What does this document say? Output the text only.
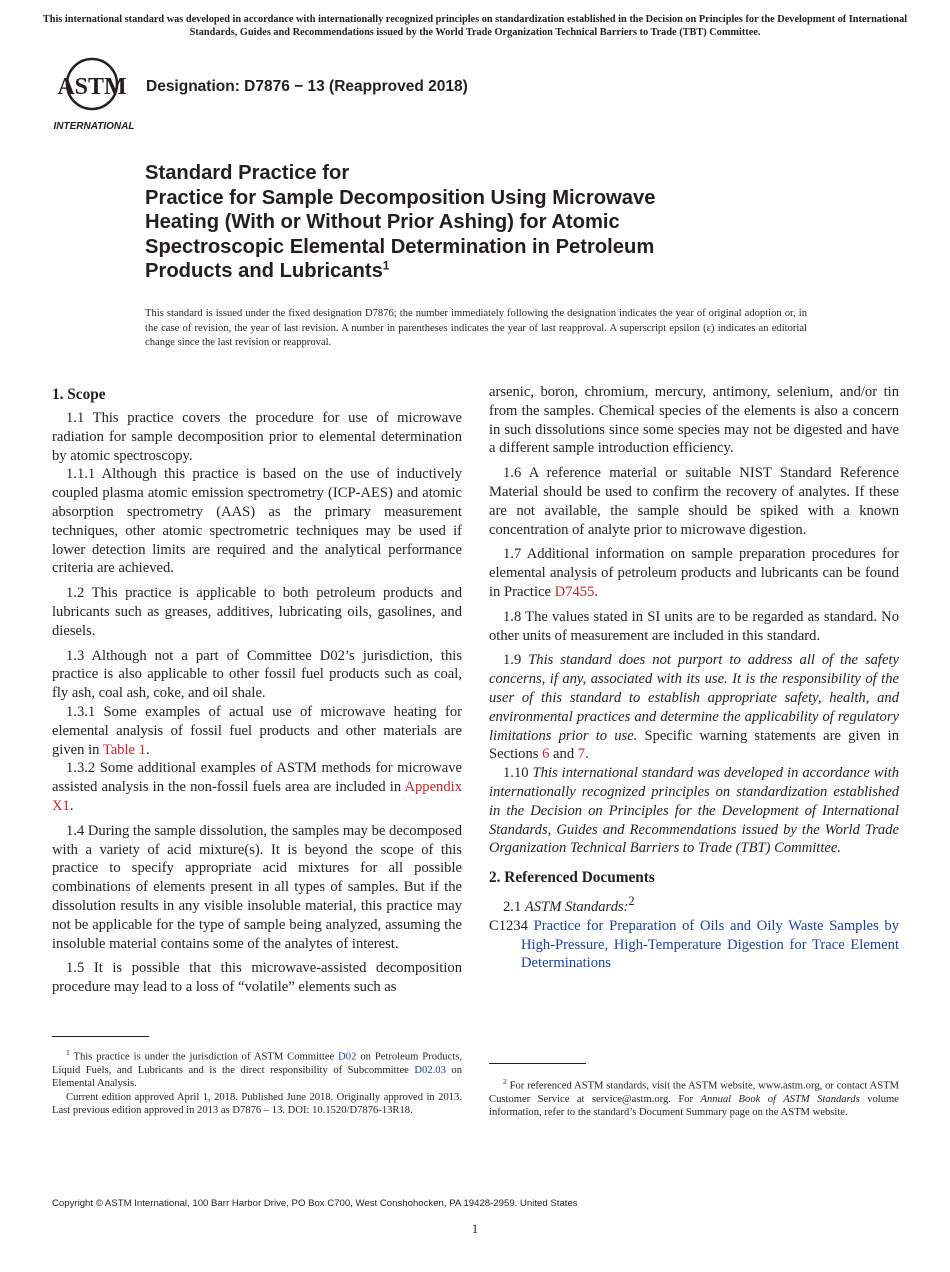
This international standard was developed in accordance with internationally recognized principles on standardization established in the Decision on Principles for the Development of International Standards, Guides and Recommendations issued by the World Trade Organization Technical Barriers to Trade (TBT) Committee.
ASTM
INTERNATIONAL
Designation: D7876 − 13 (Reapproved 2018)
Standard Practice for
Practice for Sample Decomposition Using Microwave
Heating (With or Without Prior Ashing) for Atomic
Spectroscopic Elemental Determination in Petroleum
Products and Lubricants$^1$
This standard is issued under the fixed designation D7876; the number immediately following the designation indicates the year of original adoption or, in the case of revision, the year of last revision. A number in parentheses indicates the year of last reapproval. A superscript epsilon (ε) indicates an editorial change since the last revision or reapproval.
1. Scope

1.1 This practice covers the procedure for use of microwave radiation for sample decomposition prior to elemental determination by atomic spectroscopy.

1.1.1 Although this practice is based on the use of inductively coupled plasma atomic emission spectrometry (ICP-AES) and atomic absorption spectrometry (AAS) as the primary measurement techniques, other atomic spectrometric techniques may be used if lower detection limits are required and the analytical performance criteria are achieved.

1.2 This practice is applicable to both petroleum products and lubricants such as greases, additives, lubricating oils, gasolines, and diesels.

1.3 Although not a part of Committee D02’s jurisdiction, this practice is also applicable to other fossil fuel products such as coal, fly ash, coal ash, coke, and oil shale.

1.3.1 Some examples of actual use of microwave heating for elemental analysis of fossil fuel products and other materials are given in Table 1.

1.3.2 Some additional examples of ASTM methods for microwave assisted analysis in the non-fossil fuels area are included in Appendix X1.

1.4 During the sample dissolution, the samples may be decomposed with a variety of acid mixture(s). It is beyond the scope of this practice to specify appropriate acid mixtures for all possible combinations of elements present in all types of samples. But if the dissolution results in any visible insoluble material, this practice may not be applicable for the type of sample being analyzed, assuming the insoluble material contains some of the analytes of interest.

1.5 It is possible that this microwave-assisted decomposition procedure may lead to a loss of “volatile” elements such as

arsenic, boron, chromium, mercury, antimony, selenium, and/or tin from the samples. Chemical species of the elements is also a concern in such dissolutions since some species may not be digested and have a different sample introduction efficiency.

1.6 A reference material or suitable NIST Standard Reference Material should be used to confirm the recovery of analytes. If these are not available, the sample should be spiked with a known concentration of analyte prior to microwave digestion.

1.7 Additional information on sample preparation procedures for elemental analysis of petroleum products and lubricants can be found in Practice D7455.

1.8 The values stated in SI units are to be regarded as standard. No other units of measurement are included in this standard.

1.9 This standard does not purport to address all of the safety concerns, if any, associated with its use. It is the responsibility of the user of this standard to establish appropriate safety, health, and environmental practices and determine the applicability of regulatory limitations prior to use. Specific warning statements are given in Sections 6 and 7.

1.10 This international standard was developed in accordance with internationally recognized principles on standardization established in the Decision on Principles for the Development of International Standards, Guides and Recommendations issued by the World Trade Organization Technical Barriers to Trade (TBT) Committee.

2. Referenced Documents

2.1 ASTM Standards:$^2$

C1234 Practice for Preparation of Oils and Oily Waste Samples by High-Pressure, High-Temperature Digestion for Trace Element Determinations

$^1$ This practice is under the jurisdiction of ASTM Committee D02 on Petroleum Products, Liquid Fuels, and Lubricants and is the direct responsibility of Subcommittee D02.03 on Elemental Analysis.

Current edition approved April 1, 2018. Published June 2018. Originally approved in 2013. Last previous edition approved in 2013 as D7876 – 13. DOI: 10.1520/D7876-13R18.

$^2$ For referenced ASTM standards, visit the ASTM website, www.astm.org, or contact ASTM Customer Service at service@astm.org. For Annual Book of ASTM Standards volume information, refer to the standard’s Document Summary page on the ASTM website.

Copyright © ASTM International, 100 Barr Harbor Drive, PO Box C700, West Conshohocken, PA 19428-2959. United States
1
